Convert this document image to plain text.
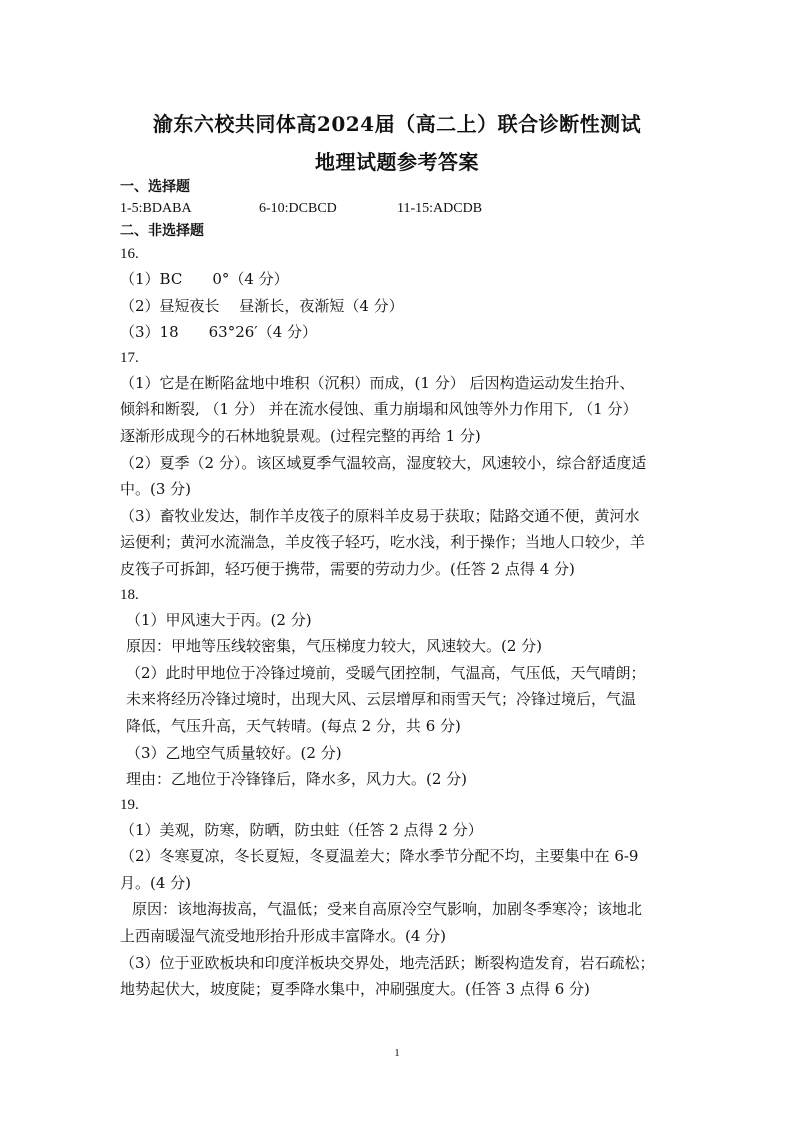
渝东六校共同体高2024届（高二上）联合诊断性测试
地理试题参考答案
一、选择题
1-5:BDABA	6-10:DCBCD	11-15:ADCDB
二、非选择题
16.
（1）BC　　0°（4 分）
（2）昼短夜长　 昼渐长，夜渐短（4 分）
（3）18　　63°26′（4 分）
17.
（1）它是在断陷盆地中堆积（沉积）而成，(1 分） 后因构造运动发生抬升、
倾斜和断裂, （1 分） 并在流水侵蚀、重力崩塌和风蚀等外力作用下, （1 分）
逐渐形成现今的石林地貌景观。(过程完整的再给 1 分)
（2）夏季（2 分）。该区域夏季气温较高，湿度较大，风速较小，综合舒适度适
中。(3 分)
（3）畜牧业发达，制作羊皮筏子的原料羊皮易于获取；陆路交通不便，黄河水
运便利；黄河水流湍急，羊皮筏子轻巧，吃水浅，利于操作；当地人口较少，羊
皮筏子可拆卸，轻巧便于携带，需要的劳动力少。(任答 2 点得 4 分)
18.
（1）甲风速大于丙。(2 分)
原因：甲地等压线较密集，气压梯度力较大，风速较大。(2 分)
（2）此时甲地位于冷锋过境前，受暖气团控制，气温高，气压低，天气晴朗；
未来将经历冷锋过境时，出现大风、云层增厚和雨雪天气；冷锋过境后，气温
降低，气压升高，天气转晴。(每点 2 分，共 6 分)
（3）乙地空气质量较好。(2 分)
理由：乙地位于冷锋锋后，降水多，风力大。(2 分)
19.
（1）美观，防寒，防晒，防虫蛀（任答 2 点得 2 分）
（2）冬寒夏凉，冬长夏短，冬夏温差大；降水季节分配不均，主要集中在 6-9
月。(4 分)
原因：该地海拔高，气温低；受来自高原冷空气影响，加剧冬季寒冷；该地北
上西南暖湿气流受地形抬升形成丰富降水。(4 分)
（3）位于亚欧板块和印度洋板块交界处，地壳活跃；断裂构造发育，岩石疏松；
地势起伏大，坡度陡；夏季降水集中，冲刷强度大。(任答 3 点得 6 分)
1
